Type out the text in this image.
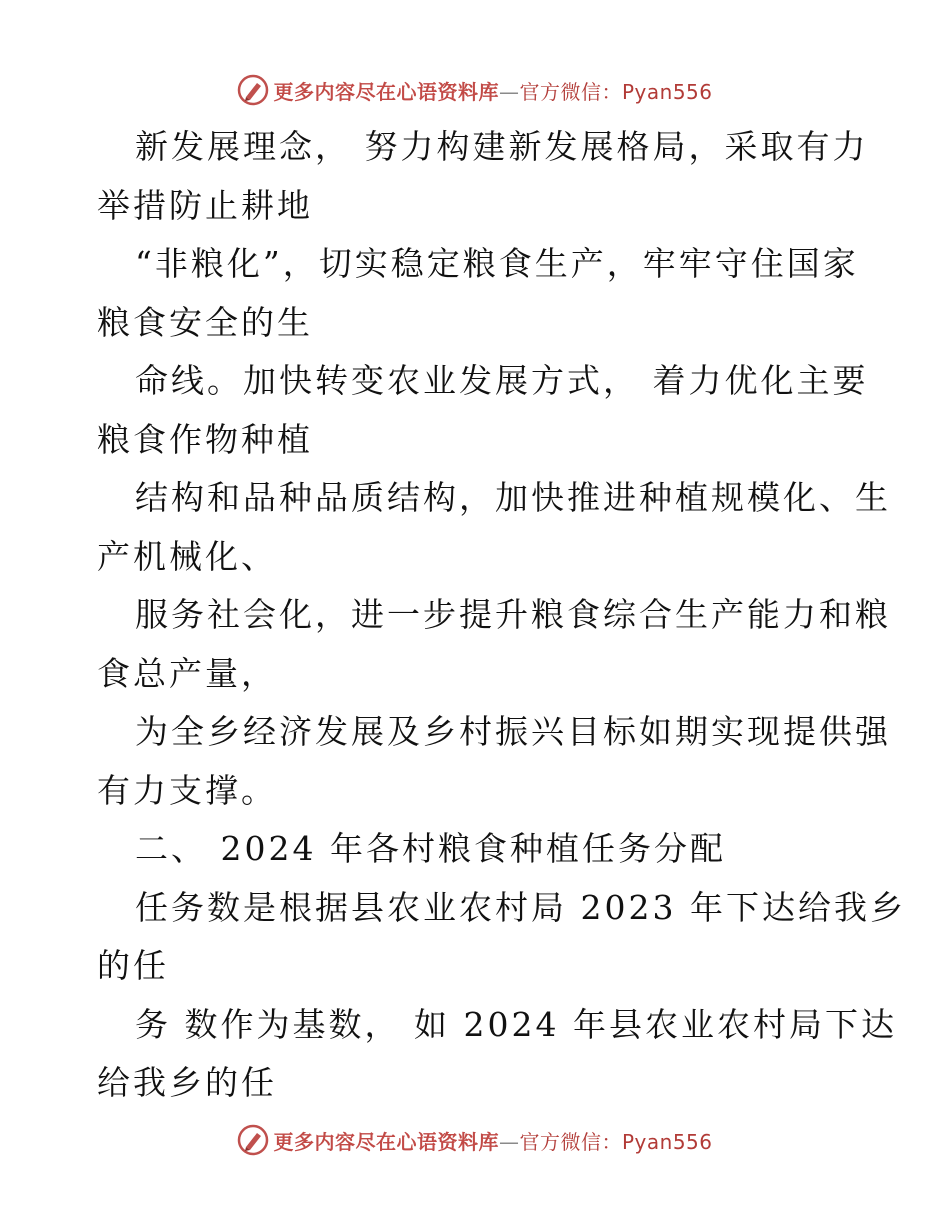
更多内容尽在心语资料库—官方微信：Pyan556
新发展理念， 努力构建新发展格局，采取有力
举措防止耕地
“非粮化”，切实稳定粮食生产，牢牢守住国家
粮食安全的生
命线。加快转变农业发展方式， 着力优化主要
粮食作物种植
结构和品种品质结构，加快推进种植规模化、生
产机械化、
服务社会化，进一步提升粮食综合生产能力和粮
食总产量，
为全乡经济发展及乡村振兴目标如期实现提供强
有力支撑。
二、 2024 年各村粮食种植任务分配
任务数是根据县农业农村局 2023 年下达给我乡
的任
务 数作为基数， 如 2024 年县农业农村局下达
给我乡的任
更多内容尽在心语资料库—官方微信：Pyan556
